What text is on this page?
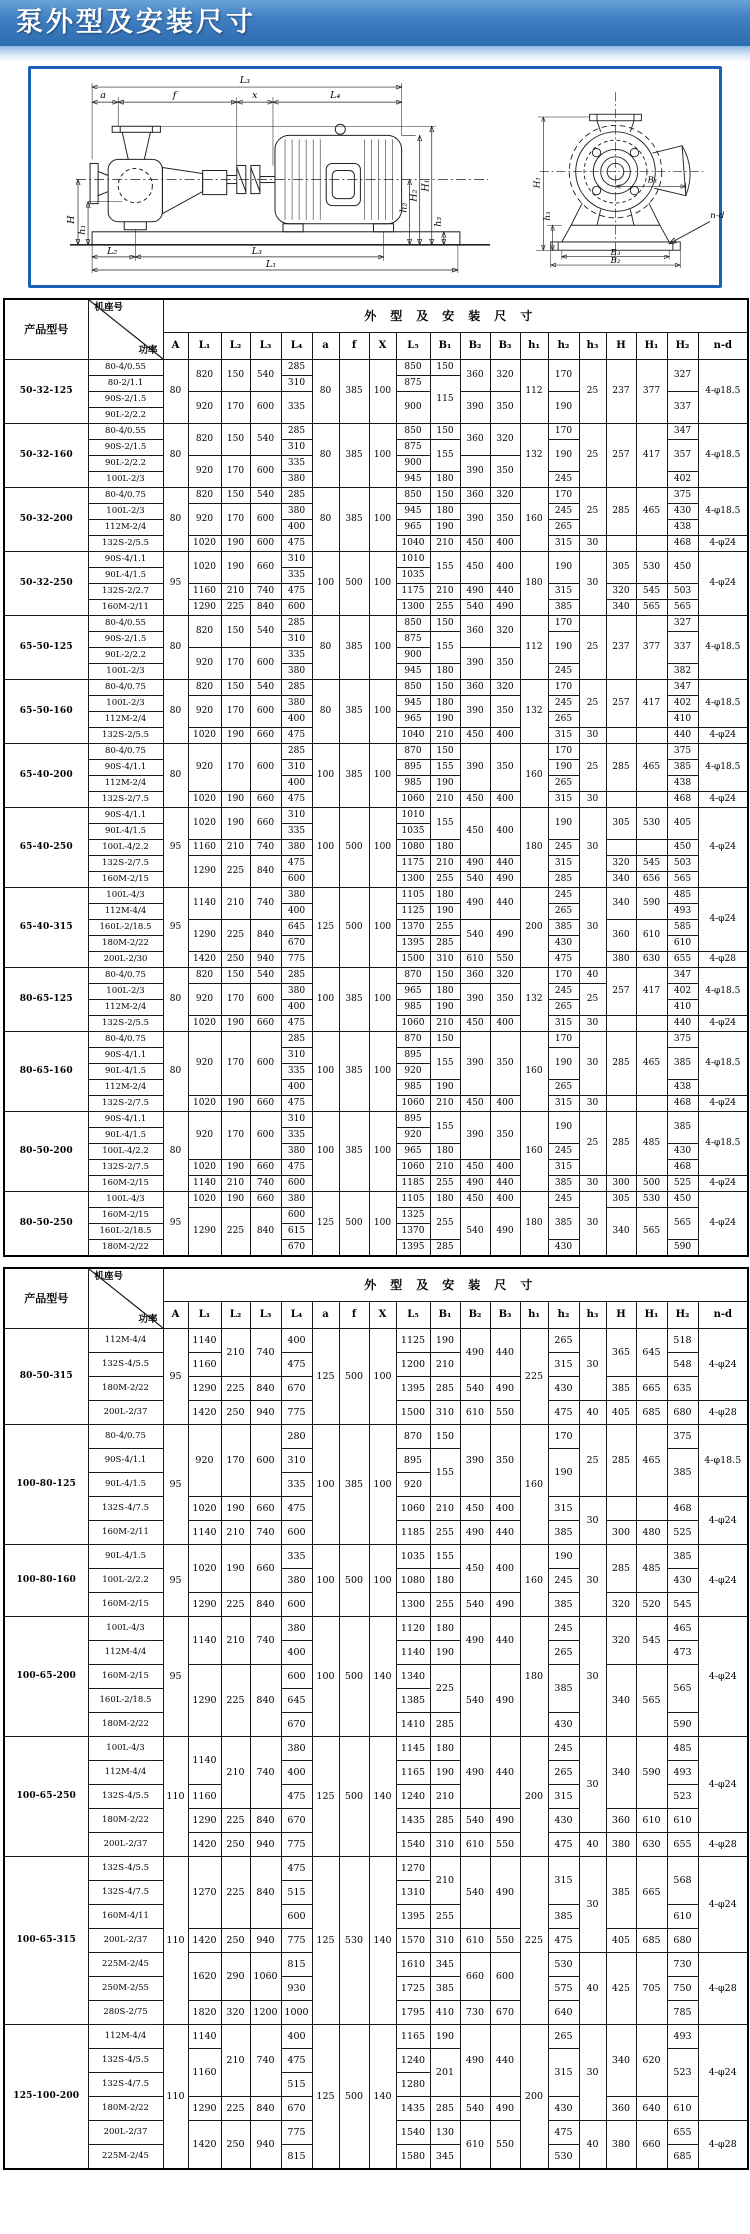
泵外型及安装尺寸
L₃
a	f	x	L₄
H
h₁
h₂
H₂
H₁
h₃
L₂	L₃
L₁
B₁
H₁
h₃	n-d
B₃
B₂
产品型号	机座号
功率	外型及安装尺寸																		
		A	L₁	L₂	L₃	L₄	a	f	X	L₅	B₁	B₂	B₃	h₁	h₂	h₃	H	H₁	H₂	n-d
50-32-125	80-4/0.55	80	820	150	540	285	80	385	100	850	150	360	320	112	170	25	237	377	327	4-φ18.5
	80-2/1.1					310				875	115									
	90S-2/1.5		920	170	600	335				900		390	350		190				337	
	90L-2/2.2																			
50-32-160	80-4/0.55	80	820	150	540	285	80	385	100	850	150	360	320	132	170	25	257	417	347	4-φ18.5
	90S-2/1.5					310				875	155				190				357	
	90L-2/2.2		920	170	600	335				900		390	350							
	100L-2/3					380				945	180				245				402	
50-32-200	80-4/0.75	80	820	150	540	285	80	385	100	850	150	360	320	160	170	25	285	465	375	4-φ18.5
	100L-2/3		920	170	600	380				945	180	390	350		245				430	
	112M-2/4					400				965	190				265				438	
	132S-2/5.5		1020	190	600	475				1040	210	450	400		315	30			468	4-φ24
50-32-250	90S-4/1.1	95	1020	190	660	310	100	500	100	1010	155	450	400	180	190	30	305	530	450	4-φ24
	90L-4/1.5					335				1035										
	132S-2/2.7		1160	210	740	475				1175	210	490	440		315		320	545	503	
	160M-2/11		1290	225	840	600				1300	255	540	490		385		340	565	565	
65-50-125	80-4/0.55	80	820	150	540	285	80	385	100	850	150	360	320	112	170	25	237	377	327	4-φ18.5
	90S-2/1.5					310				875	155				190				337	
	90L-2/2.2		920	170	600	335				900		390	350							
	100L-2/3					380				945	180				245				382	
65-50-160	80-4/0.75	80	820	150	540	285	80	385	100	850	150	360	320	132	170	25	257	417	347	4-φ18.5
	100L-2/3		920	170	600	380				945	180	390	350		245				402	
	112M-2/4					400				965	190				265				410	
	132S-2/5.5		1020	190	660	475				1040	210	450	400		315	30			440	4-φ24
65-40-200	80-4/0.75	80	920	170	600	285	100	385	100	870	150	390	350	160	170	25	285	465	375	4-φ18.5
	90S-4/1.1					310				895	155				190				385	
	112M-2/4					400				985	190				265				438	
	132S-2/7.5		1020	190	660	475				1060	210	450	400		315	30			468	4-φ24
65-40-250	90S-4/1.1	95	1020	190	660	310	100	500	100	1010	155	450	400	180	190	30	305	530	405	4-φ24
	90L-4/1.5					335				1035										
	100L-4/2.2		1160	210	740	380				1080	180				245				450	
	132S-2/7.5		1290	225	840	475				1175	210	490	440		315		320	545	503	
	160M-2/15					600				1300	255	540	490		285		340	656	565	
65-40-315	100L-4/3	95	1140	210	740	380	125	500	100	1105	180	490	440	200	245	30	340	590	485	4-φ24
	112M-4/4					400				1125	190				265				493	
	160L-2/18.5		1290	225	840	645				1370	255	540	490		385		360	610	585	
	180M-2/22					670				1395	285				430				610	
	200L-2/30		1420	250	940	775				1500	310	610	550		475		380	630	655	4-φ28
80-65-125	80-4/0.75	80	820	150	540	285	100	385	100	870	150	360	320	132	170	40	257	417	347	4-φ18.5
	100L-2/3		920	170	600	380				965	180	390	350		245	25			402	
	112M-2/4					400				985	190				265				410	
	132S-2/5.5		1020	190	660	475				1060	210	450	400		315	30			440	4-φ24
80-65-160	80-4/0.75	80	920	170	600	285	100	385	100	870	150	390	350	160	170	30	285	465	375	4-φ18.5
	90S-4/1.1					310				895	155				190				385	
	90L-4/1.5					335				920										
	112M-2/4					400				985	190				265				438	
	132S-2/7.5		1020	190	660	475				1060	210	450	400		315	30			468	4-φ24
80-50-200	90S-4/1.1	80	920	170	600	310	100	385	100	895	155	390	350	160	190	25	285	485	385	4-φ18.5
	90L-4/1.5					335				920										
	100L-4/2.2					380				965	180				245				430	
	132S-2/7.5		1020	190	660	475				1060	210	450	400		315				468	
	160M-2/15		1140	210	740	600				1185	255	490	440		385	30	300	500	525	4-φ24
80-50-250	100L-4/3	95	1020	190	660	380	125	500	100	1105	180	450	400	180	245	30	305	530	450	4-φ24
	160M-2/15		1290	225	840	600				1325	255	540	490		385		340	565	565	
	160L-2/18.5					615				1370										
	180M-2/22					670				1395	285				430				590	
产品型号	机座号
功率	外型及安装尺寸																		
		A	L₁	L₂	L₃	L₄	a	f	X	L₅	B₁	B₂	B₃	h₁	h₂	h₃	H	H₁	H₂	n-d
80-50-315	112M-4/4	95	1140	210	740	400	125	500	100	1125	190	490	440	225	265	30	365	645	518	4-φ24
	132S-4/5.5		1160			475				1200	210				315				548	
	180M-2/22		1290	225	840	670				1395	285	540	490		430		385	665	635	
	200L-2/37		1420	250	940	775				1500	310	610	550		475	40	405	685	680	4-φ28
100-80-125	80-4/0.75	95	920	170	600	280	100	385	100	870	150	390	350	160	170	25	285	465	375	4-φ18.5
	90S-4/1.1					310				895	155				190				385	
	90L-4/1.5					335				920										
	132S-4/7.5		1020	190	660	475				1060	210	450	400		315	30			468	4-φ24
	160M-2/11		1140	210	740	600				1185	255	490	440		385		300	480	525	
100-80-160	90L-4/1.5	95	1020	190	660	335	100	500	100	1035	155	450	400	160	190	30	285	485	385	4-φ24
	100L-2/2.2					380				1080	180				245				430	
	160M-2/15		1290	225	840	600				1300	255	540	490		385		320	520	545	
100-65-200	100L-4/3	95	1140	210	740	380	100	500	140	1120	180	490	440	180	245	30	320	545	465	4-φ24
	112M-4/4					400				1140	190				265				473	
	160M-2/15		1290	225	840	600				1340	225	540	490		385		340	565	565	
	160L-2/18.5					645				1385										
	180M-2/22					670				1410	285				430				590	
100-65-250	100L-4/3	110	1140	210	740	380	125	500	140	1145	180	490	440	200	245	30	340	590	485	4-φ24
	112M-4/4					400				1165	190				265				493	
	132S-4/5.5		1160			475				1240	210				315				523	
	180M-2/22		1290	225	840	670				1435	285	540	490		430		360	610	610	
	200L-2/37		1420	250	940	775				1540	310	610	550		475	40	380	630	655	4-φ28
100-65-315	132S-4/5.5	110	1270	225	840	475	125	530	140	1270	210	540	490	225	315	30	385	665	568	4-φ24
	132S-4/7.5					515				1310										
	160M-4/11					600				1395	255				385				610	
	200L-2/37		1420	250	940	775				1570	310	610	550		475		405	685	680	
	225M-2/45		1620	290	1060	815				1610	345	660	600		530	40	425	705	730	4-φ28
	250M-2/55					930				1725	385				575				750	
	280S-2/75		1820	320	1200	1000				1795	410	730	670		640				785	
125-100-200	112M-4/4	110	1140	210	740	400	125	500	140	1165	190	490	440	200	265	30	340	620	493	4-φ24
	132S-4/5.5		1160			475				1240	201				315				523	
	132S-4/7.5					515				1280										
	180M-2/22		1290	225	840	670				1435	285	540	490		430		360	640	610	
	200L-2/37		1420	250	940	775				1540	130	610	550		475	40	380	660	655	4-φ28
	225M-2/45					815				1580	345				530				685	
